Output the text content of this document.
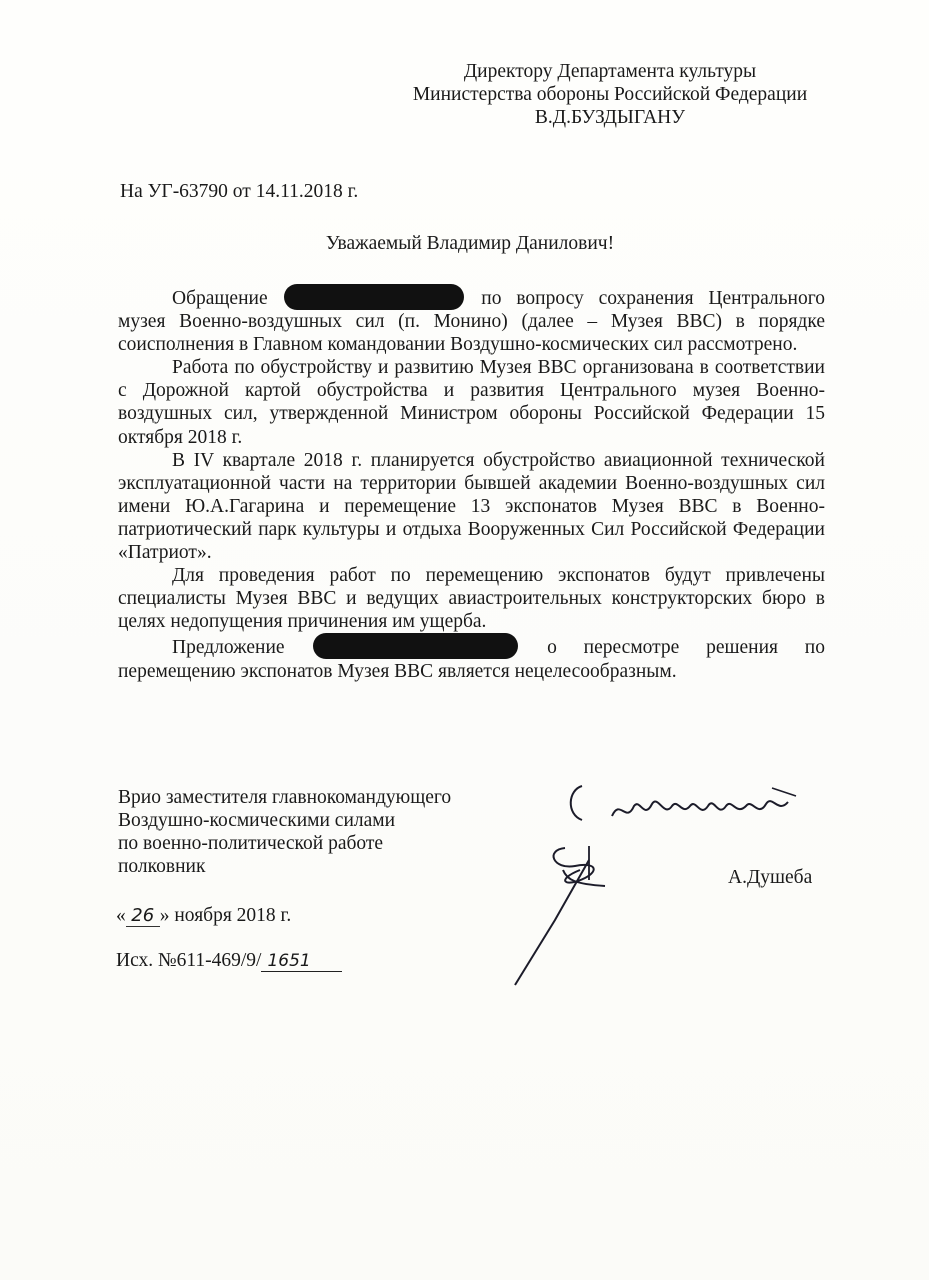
Директору Департамента культуры
Министерства обороны Российской Федерации
В.Д.БУЗДЫГАНУ
На УГ-63790 от 14.11.2018 г.
Уважаемый Владимир Данилович!

Обращение	по вопросу сохранения Центрального музея Военно-воздушных сил (п. Монино) (далее – Музея ВВС) в порядке соисполнения в Главном командовании Воздушно-космических сил рассмотрено.

Работа по обустройству и развитию Музея ВВС организована в соответствии с Дорожной картой обустройства и развития Центрального музея Военно-воздушных сил, утвержденной Министром обороны Российской Федерации 15 октября 2018 г.

В IV квартале 2018 г. планируется обустройство авиационной технической эксплуатационной части на территории бывшей академии Военно-воздушных сил имени Ю.А.Гагарина и перемещение 13 экспонатов Музея ВВС в Военно-патриотический парк культуры и отдыха Вооруженных Сил Российской Федерации «Патриот».

Для проведения работ по перемещению экспонатов будут привлечены специалисты Музея ВВС и ведущих авиастроительных конструкторских бюро в целях недопущения причинения им ущерба.

Предложение	о пересмотре решения по перемещению экспонатов Музея ВВС является нецелесообразным.

Врио заместителя главнокомандующего
Воздушно-космическими силами
по военно-политической работе
полковник
А.Душеба
« 26 » ноября 2018 г.
Исх. №611-469/9/ 1651
